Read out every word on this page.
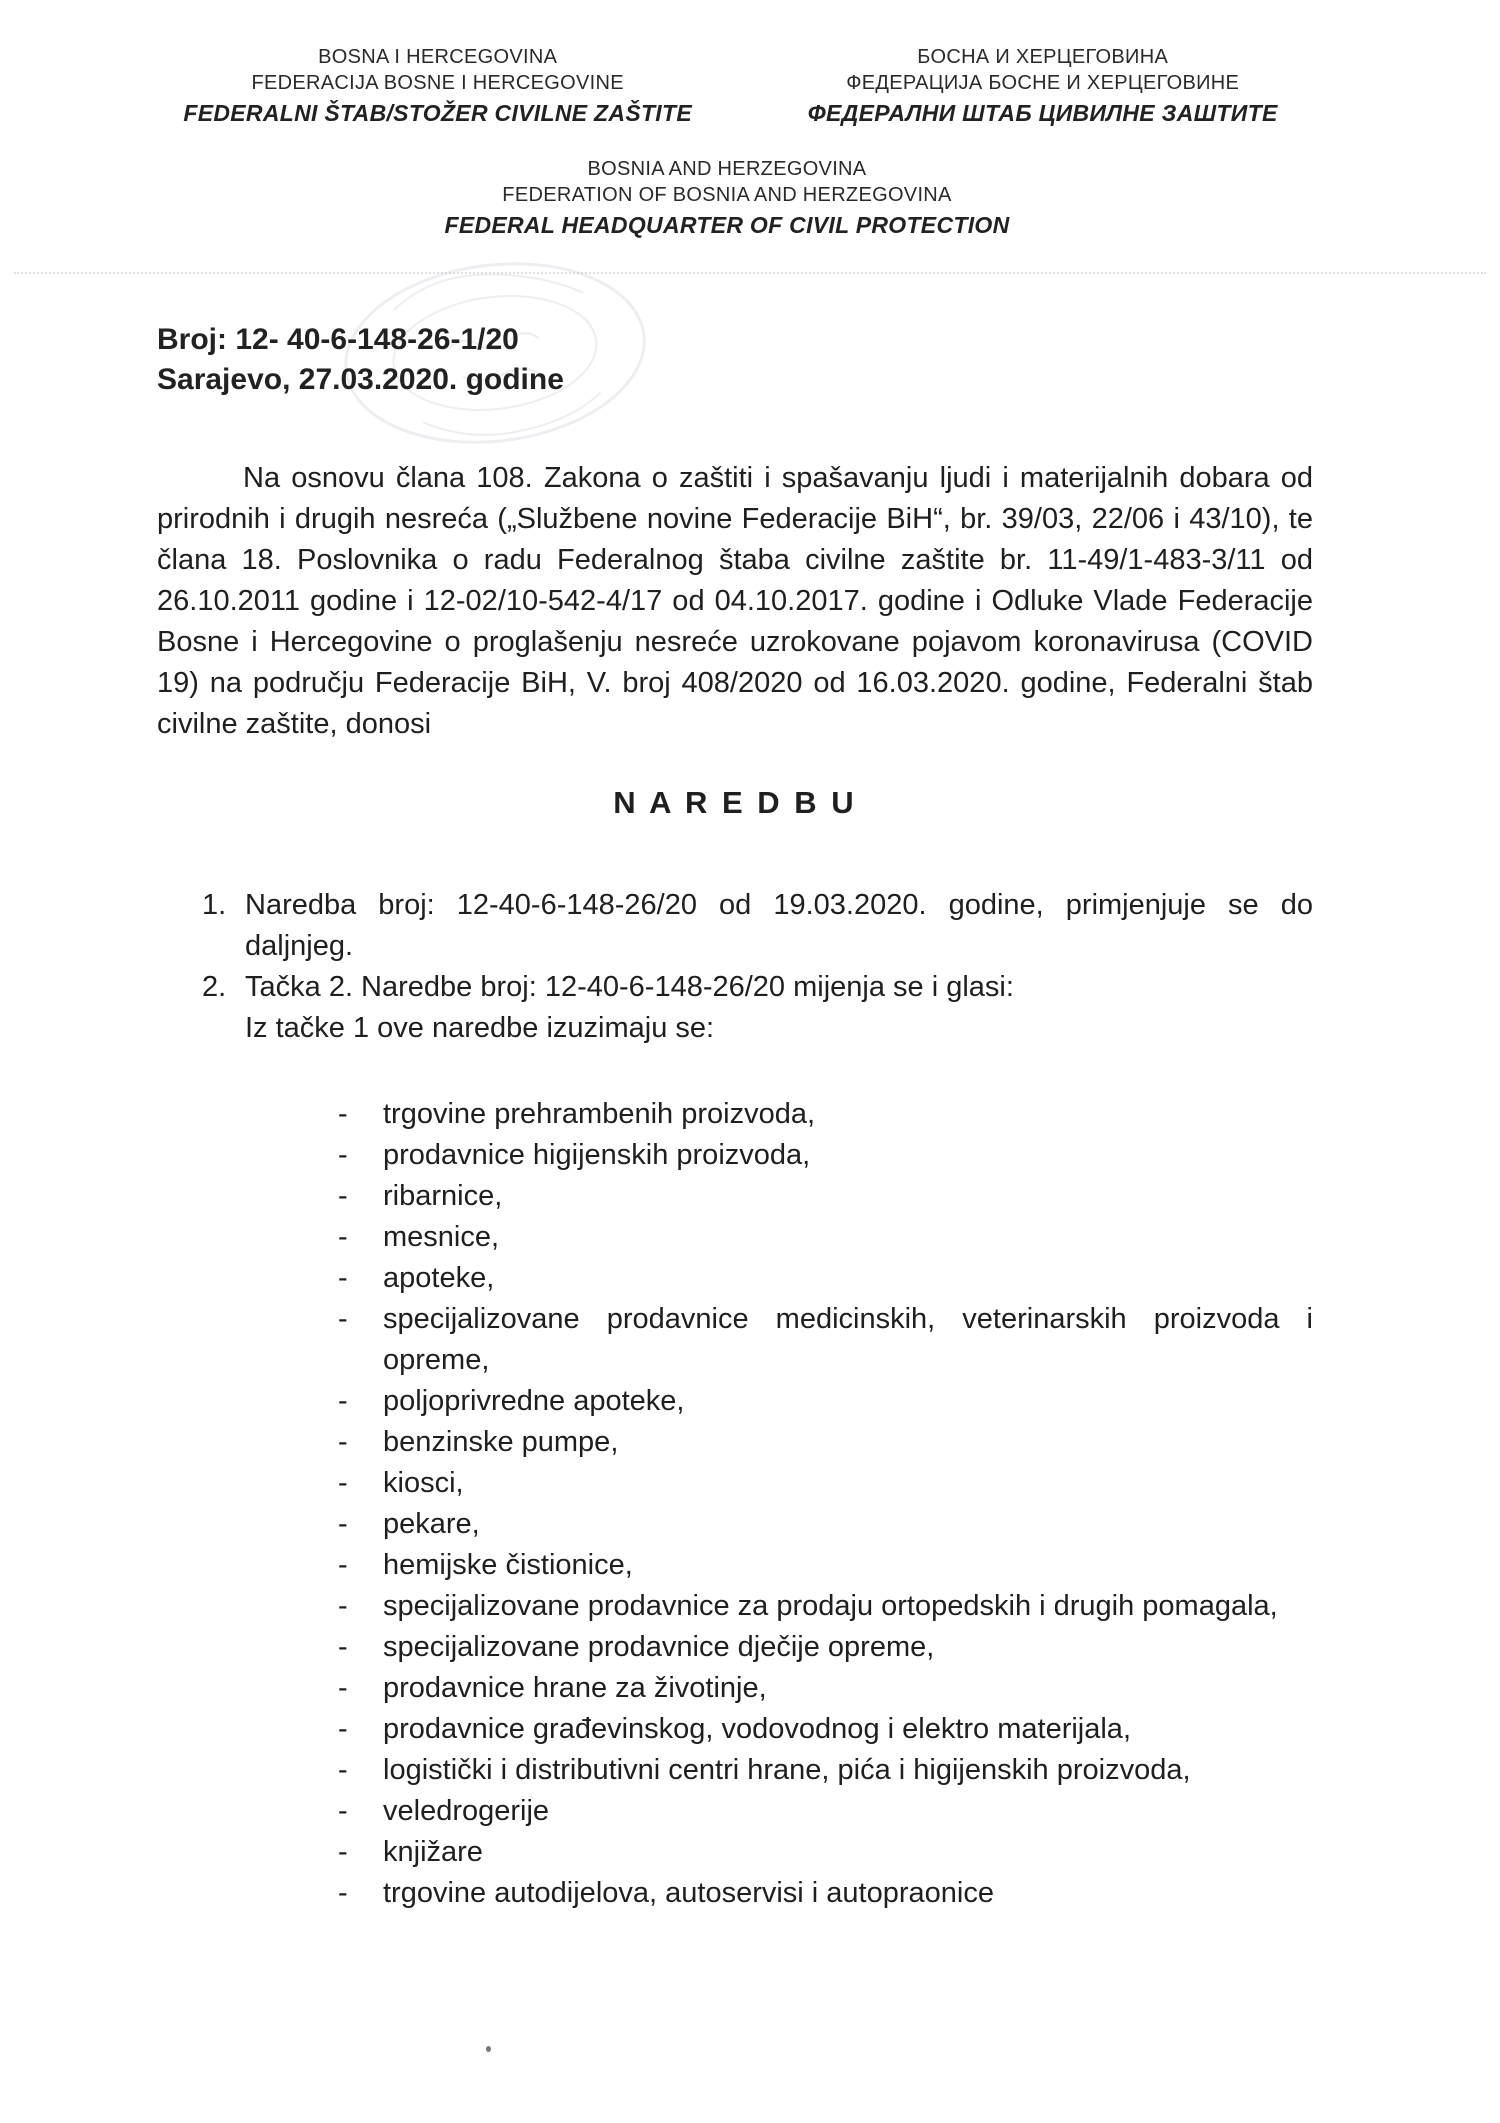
BOSNA I HERCEGOVINA
FEDERACIJA BOSNE I HERCEGOVINE
FEDERALNI ŠTAB/STOŽER CIVILNE ZAŠTITE
БОСНА И ХЕРЦЕГОВИНА
ФЕДЕРАЦИЈА БОСНЕ И ХЕРЦЕГОВИНЕ
ФЕДЕРАЛНИ ШТАБ ЦИВИЛНЕ ЗАШТИТЕ
BOSNIA AND HERZEGOVINA
FEDERATION OF BOSNIA AND HERZEGOVINA
FEDERAL HEADQUARTER OF CIVIL PROTECTION
Broj: 12- 40-6-148-26-1/20
Sarajevo, 27.03.2020. godine

Na osnovu člana 108. Zakona o zaštiti i spašavanju ljudi i materijalnih dobara od prirodnih i drugih nesreća („Službene novine Federacije BiH“, br. 39/03, 22/06 i 43/10), te člana 18. Poslovnika o radu Federalnog štaba civilne zaštite br. 11-49/1-483-3/11 od 26.10.2011 godine i 12-02/10-542-4/17 od 04.10.2017. godine i Odluke Vlade Federacije Bosne i Hercegovine o proglašenju nesreće uzrokovane pojavom koronavirusa (COVID 19) na području Federacije BiH, V. broj 408/2020 od 16.03.2020. godine, Federalni štab civilne zaštite, donosi

N A R E D B U
1. Naredba broj: 12-40-6-148-26/20 od 19.03.2020. godine, primjenjuje se do daljnjeg.
2. Tačka 2. Naredbe broj: 12-40-6-148-26/20 mijenja se i glasi:
Iz tačke 1 ove naredbe izuzimaju se:
-	trgovine prehrambenih proizvoda,
-	prodavnice higijenskih proizvoda,
-	ribarnice,
-	mesnice,
-	apoteke,
-	specijalizovane prodavnice medicinskih, veterinarskih proizvoda i opreme,
-	poljoprivredne apoteke,
-	benzinske pumpe,
-	kiosci,
-	pekare,
-	hemijske čistionice,
-	specijalizovane prodavnice za prodaju ortopedskih i drugih pomagala,
-	specijalizovane prodavnice dječije opreme,
-	prodavnice hrane za životinje,
-	prodavnice građevinskog, vodovodnog i elektro materijala,
-	logistički i distributivni centri hrane, pića i higijenskih proizvoda,
-	veledrogerije
-	knjižare
-	trgovine autodijelova, autoservisi i autopraonice
